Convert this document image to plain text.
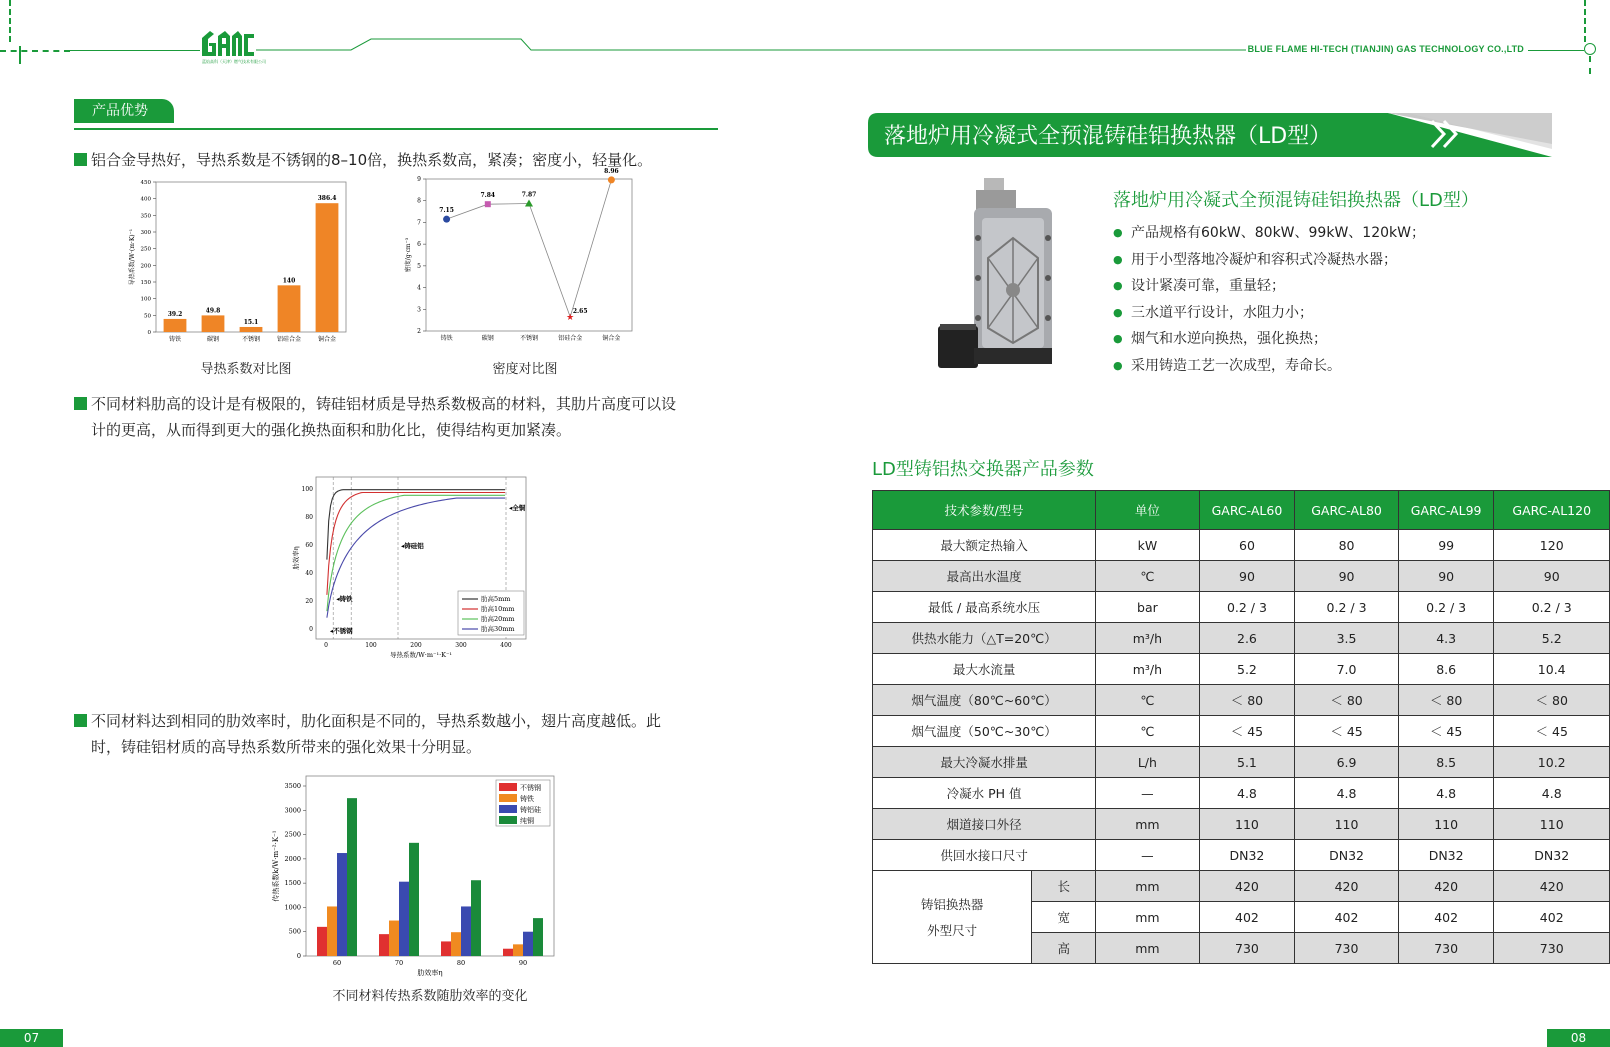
蓝焰高科（天津）燃气技术有限公司
BLUE FLAME HI-TECH (TIANJIN) GAS TECHNOLOGY CO.,LTD
产品优势
铝合金导热好，导热系数是不锈钢的8–10倍，换热系数高，紧凑；密度小，轻量化。
0
50
100
150
200
250
300
350
400
450
39.2
铸铁
49.8
碳钢
15.1
不锈钢
140
铝硅合金
386.4
铜合金
导热系数/W·(m·K)⁻¹
导热系数对比图
2
3
4
5
6
7
8
9
7.15
铸铁
7.84
碳钢
7.87
不锈钢
★
2.65
铝硅合金
8.96
铜合金
密度/g·cm⁻³
密度对比图
不同材料肋高的设计是有极限的，铸硅铝材质是导热系数极高的材料，其肋片高度可以设
计的更高，从而得到更大的强化换热面积和肋化比，使得结构更加紧凑。
0
20
40
60
80
100
0	100	200	300	400
◂铸硅铝
◂全铜
◂铸铁
◂不锈钢
肋高5mm
肋高10mm
肋高20mm
肋高30mm
导热系数/W·m⁻¹·K⁻¹
肋效率η
不同材料达到相同的肋效率时，肋化面积是不同的，导热系数越小，翅片高度越低。此
时，铸硅铝材质的高导热系数所带来的强化效果十分明显。
0
500
1000
1500
2000
2500
3000
3500
60	70	80	90
不锈钢
铸铁
铸铝硅
纯铜
肋效率η
传热系数k/W·m⁻²·K⁻¹
不同材料传热系数随肋效率的变化
落地炉用冷凝式全预混铸硅铝换热器（LD型）
落地炉用冷凝式全预混铸硅铝换热器（LD型）
● 产品规格有60kW、80kW、99kW、120kW；
● 用于小型落地冷凝炉和容积式冷凝热水器；
● 设计紧凑可靠，重量轻；
● 三水道平行设计，水阻力小；
● 烟气和水逆向换热，强化换热；
● 采用铸造工艺一次成型，寿命长。
LD型铸铝热交换器产品参数
技术参数/型号		单位	GARC-AL60	GARC-AL80	GARC-AL99	GARC-AL120
最大额定热输入		kW	60	80	99	120
最高出水温度		℃	90	90	90	90
最低 / 最高系统水压		bar	0.2 / 3	0.2 / 3	0.2 / 3	0.2 / 3
供热水能力（△T=20℃）		m³/h	2.6	3.5	4.3	5.2
最大水流量		m³/h	5.2	7.0	8.6	10.4
烟气温度（80℃~60℃）		℃	＜ 80	＜ 80	＜ 80	＜ 80
烟气温度（50℃~30℃）		℃	＜ 45	＜ 45	＜ 45	＜ 45
最大冷凝水排量		L/h	5.1	6.9	8.5	10.2
冷凝水 PH 值		—	4.8	4.8	4.8	4.8
烟道接口外径		mm	110	110	110	110
供回水接口尺寸		—	DN32	DN32	DN32	DN32

铸铝换热器
外型尺寸	长	mm	420	420	420	420
	宽	mm	402	402	402	402
	高	mm	730	730	730	730
07	08
